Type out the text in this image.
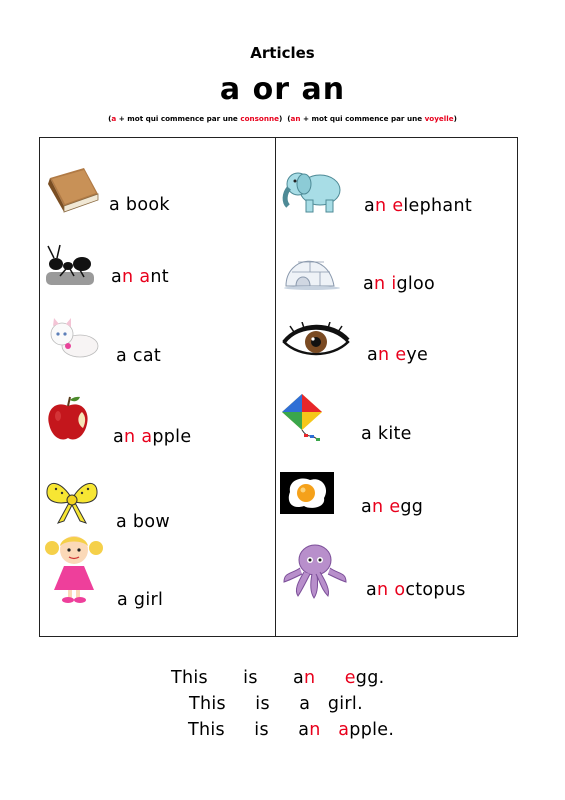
Articles
a or an
(a + mot qui commence par une consonne)  (an + mot qui commence par une voyelle)
a book
an ant
a cat
an apple
a bow
a girl
an elephant
an igloo
an eye
a kite
an egg
an octopus
This is an egg.
This is a girl.
This is an apple.
